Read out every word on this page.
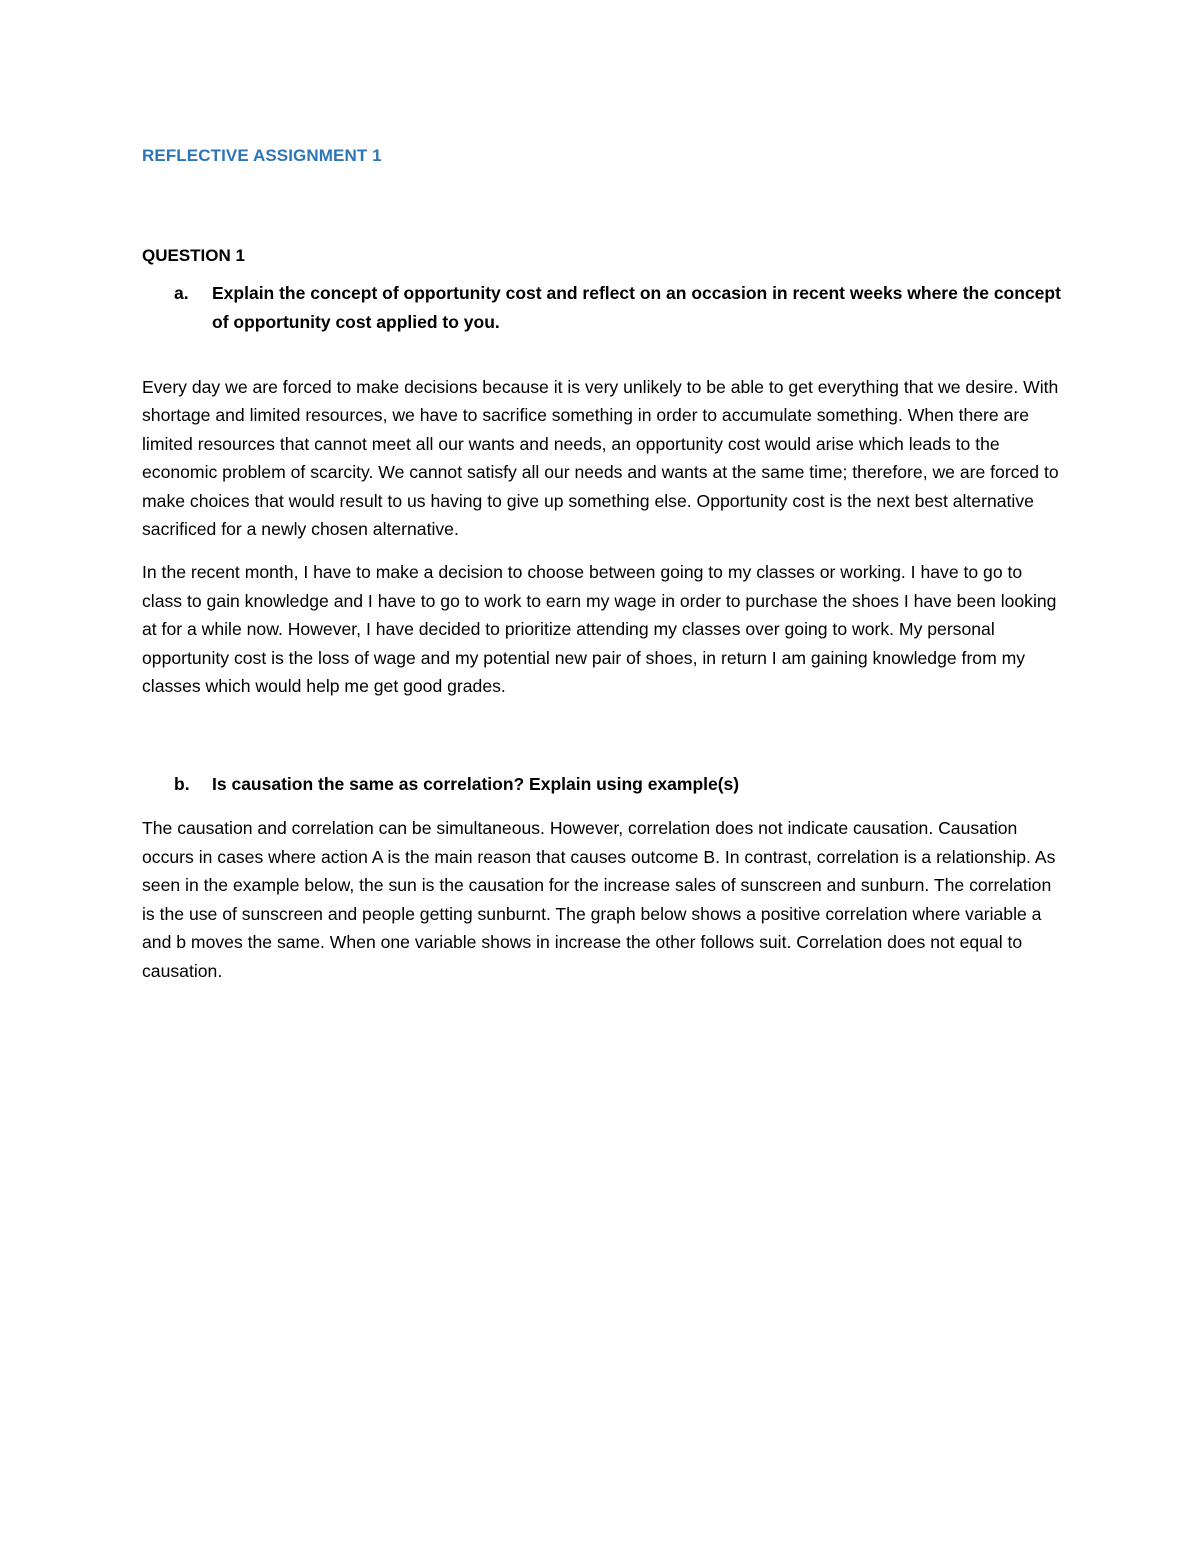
REFLECTIVE ASSIGNMENT 1
QUESTION 1
a.	Explain the concept of opportunity cost and reflect on an occasion in recent weeks where the concept of opportunity cost applied to you.

Every day we are forced to make decisions because it is very unlikely to be able to get everything that we desire. With shortage and limited resources, we have to sacrifice something in order to accumulate something. When there are limited resources that cannot meet all our wants and needs, an opportunity cost would arise which leads to the economic problem of scarcity. We cannot satisfy all our needs and wants at the same time; therefore, we are forced to make choices that would result to us having to give up something else. Opportunity cost is the next best alternative sacrificed for a newly chosen alternative.

In the recent month, I have to make a decision to choose between going to my classes or working. I have to go to class to gain knowledge and I have to go to work to earn my wage in order to purchase the shoes I have been looking at for a while now. However, I have decided to prioritize attending my classes over going to work. My personal opportunity cost is the loss of wage and my potential new pair of shoes, in return I am gaining knowledge from my classes which would help me get good grades.

b.	Is causation the same as correlation? Explain using example(s)

The causation and correlation can be simultaneous. However, correlation does not indicate causation. Causation occurs in cases where action A is the main reason that causes outcome B. In contrast, correlation is a relationship. As seen in the example below, the sun is the causation for the increase sales of sunscreen and sunburn. The correlation is the use of sunscreen and people getting sunburnt. The graph below shows a positive correlation where variable a and b moves the same. When one variable shows in increase the other follows suit. Correlation does not equal to causation.
